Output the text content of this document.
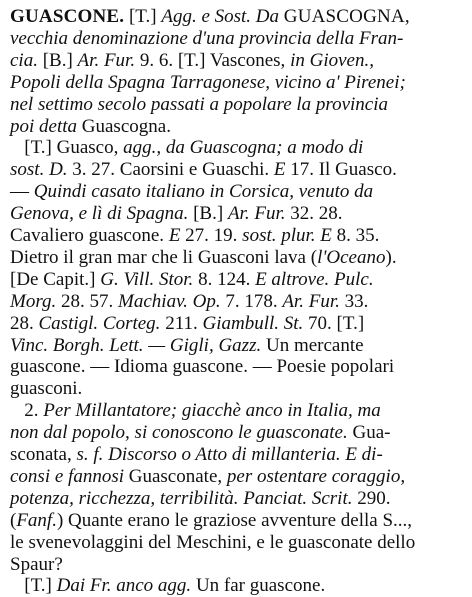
GUASCONE. [T.] Agg. e Sost. Da GUASCOGNA,
vecchia denominazione d'una provincia della Fran-
cia. [B.] Ar. Fur. 9. 6. [T.] Vascones, in Gioven.,
Popoli della Spagna Tarragonese, vicino a' Pirenei;
nel settimo secolo passati a popolare la provincia
poi detta Guascogna.
[T.] Guasco, agg., da Guascogna; a modo di
sost. D. 3. 27. Caorsini e Guaschi. E 17. Il Guasco.
— Quindi casato italiano in Corsica, venuto da
Genova, e lì di Spagna. [B.] Ar. Fur. 32. 28.
Cavaliero guascone. E 27. 19. sost. plur. E 8. 35.
Dietro il gran mar che li Guasconi lava (l'Oceano).
[De Capit.] G. Vill. Stor. 8. 124. E altrove. Pulc.
Morg. 28. 57. Machiav. Op. 7. 178. Ar. Fur. 33.
28. Castigl. Corteg. 211. Giambull. St. 70. [T.]
Vinc. Borgh. Lett. — Gigli, Gazz. Un mercante
guascone. — Idioma guascone. — Poesie popolari
guasconi.
2. Per Millantatore; giacchè anco in Italia, ma
non dal popolo, si conoscono le guasconate. Gua-
sconata, s. f. Discorso o Atto di millanteria. E di-
consi e fannosi Guasconate, per ostentare coraggio,
potenza, ricchezza, terribilità. Panciat. Scrit. 290.
(Fanf.) Quante erano le graziose avventure della S...,
le svenevolaggini del Meschini, e le guasconate dello
Spaur?
[T.] Dai Fr. anco agg. Un far guascone.
